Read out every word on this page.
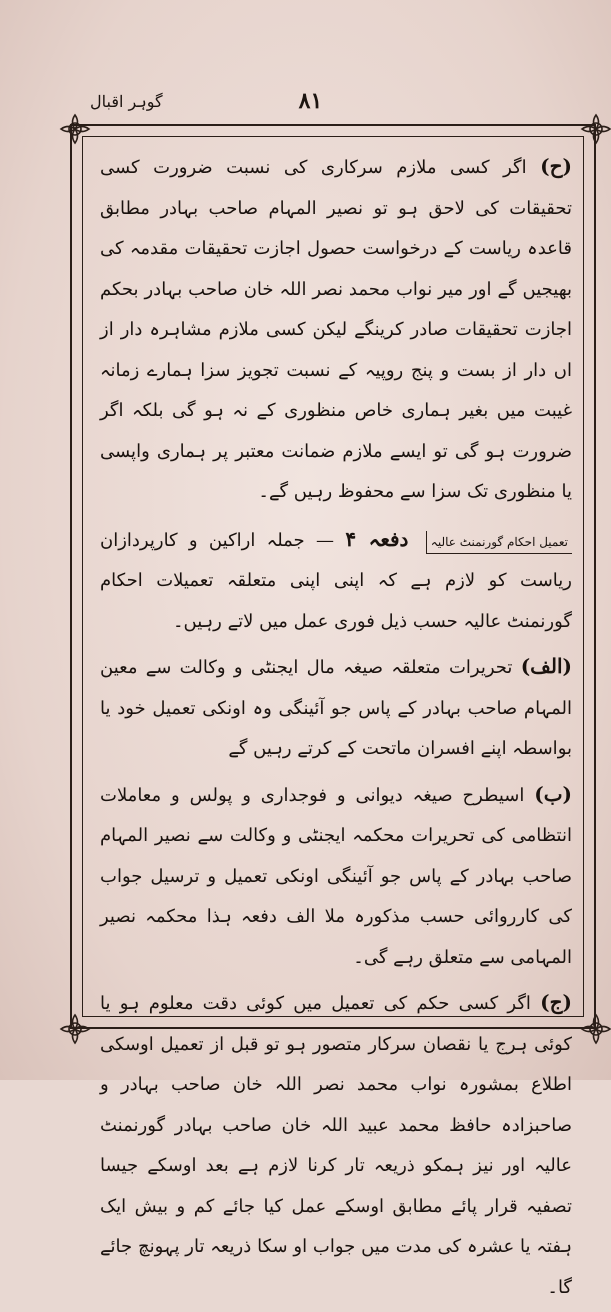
گوہر اقبال	۸۱

(ح) اگر کسی ملازم سرکاری کی نسبت ضرورت کسی تحقیقات کی لاحق ہو تو نصیر المہام صاحب بہادر مطابق قاعدہ ریاست کے درخواست حصول اجازت تحقیقات مقدمہ کی بھیجیں گے اور میر نواب محمد نصر اللہ خان صاحب بہادر بحکم اجازت تحقیقات صادر کرینگے لیکن کسی ملازم مشاہرہ دار از اں دار از بست و پنج روپیہ کے نسبت تجویز سزا ہمارے زمانہ غیبت میں بغیر ہماری خاص منظوری کے نہ ہو گی بلکہ اگر ضرورت ہو گی تو ایسے ملازم ضمانت معتبر پر ہماری واپسی یا منظوری تک سزا سے محفوظ رہیں گے۔

تعمیل احکام گورنمنٹ عالیہ دفعہ ۴ — جملہ اراکین و کارپردازان ریاست کو لازم ہے کہ اپنی اپنی متعلقہ تعمیلات احکام گورنمنٹ عالیہ حسب ذیل فوری عمل میں لاتے رہیں۔

(الف) تحریرات متعلقہ صیغہ مال ایجنٹی و وکالت سے معین المہام صاحب بہادر کے پاس جو آئینگی وہ اونکی تعمیل خود یا بواسطہ اپنے افسران ماتحت کے کرتے رہیں گے

(ب) اسیطرح صیغہ دیوانی و فوجداری و پولس و معاملات انتظامی کی تحریرات محکمہ ایجنٹی و وکالت سے نصیر المہام صاحب بہادر کے پاس جو آئینگی اونکی تعمیل و ترسیل جواب کی کارروائی حسب مذکورہ ملا الف دفعہ ہذا محکمہ نصیر المہامی سے متعلق رہے گی۔

(ج) اگر کسی حکم کی تعمیل میں کوئی دقت معلوم ہو یا کوئی ہرج یا نقصان سرکار متصور ہو تو قبل از تعمیل اوسکی اطلاع بمشورہ نواب محمد نصر اللہ خان صاحب بہادر و صاحبزادہ حافظ محمد عبید اللہ خان صاحب بہادر گورنمنٹ عالیہ اور نیز ہمکو ذریعہ تار کرنا لازم ہے بعد اوسکے جیسا تصفیہ قرار پائے مطابق اوسکے عمل کیا جائے کم و بیش ایک ہفتہ یا عشرہ کی مدت میں جواب او سکا ذریعہ تار پہونچ جائے گا۔
